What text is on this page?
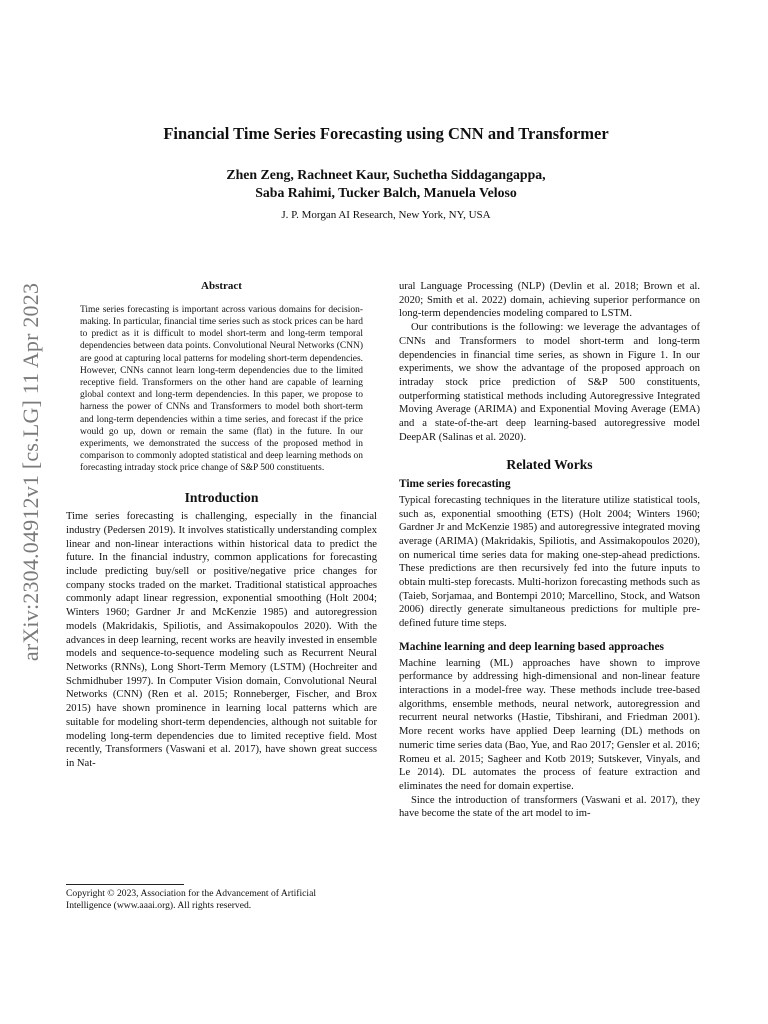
arXiv:2304.04912v1 [cs.LG] 11 Apr 2023
Financial Time Series Forecasting using CNN and Transformer
Zhen Zeng, Rachneet Kaur, Suchetha Siddagangappa,
Saba Rahimi, Tucker Balch, Manuela Veloso
J. P. Morgan AI Research, New York, NY, USA
Abstract

Time series forecasting is important across various domains for decision-making. In particular, financial time series such as stock prices can be hard to predict as it is difficult to model short-term and long-term temporal dependencies between data points. Convolutional Neural Networks (CNN) are good at capturing local patterns for modeling short-term dependencies. However, CNNs cannot learn long-term dependencies due to the limited receptive field. Transformers on the other hand are capable of learning global context and long-term dependencies. In this paper, we propose to harness the power of CNNs and Transformers to model both short-term and long-term dependencies within a time series, and forecast if the price would go up, down or remain the same (flat) in the future. In our experiments, we demonstrated the success of the proposed method in comparison to commonly adopted statistical and deep learning methods on forecasting intraday stock price change of S&P 500 constituents.

Introduction

Time series forecasting is challenging, especially in the financial industry (Pedersen 2019). It involves statistically understanding complex linear and non-linear interactions within historical data to predict the future. In the financial industry, common applications for forecasting include predicting buy/sell or positive/negative price changes for company stocks traded on the market. Traditional statistical approaches commonly adapt linear regression, exponential smoothing (Holt 2004; Winters 1960; Gardner Jr and McKenzie 1985) and autoregression models (Makridakis, Spiliotis, and Assimakopoulos 2020). With the advances in deep learning, recent works are heavily invested in ensemble models and sequence-to-sequence modeling such as Recurrent Neural Networks (RNNs), Long Short-Term Memory (LSTM) (Hochreiter and Schmidhuber 1997). In Computer Vision domain, Convolutional Neural Networks (CNN) (Ren et al. 2015; Ronneberger, Fischer, and Brox 2015) have shown prominence in learning local patterns which are suitable for modeling short-term dependencies, although not suitable for modeling long-term dependencies due to limited receptive field. Most recently, Transformers (Vaswani et al. 2017), have shown great success in Nat-

Copyright © 2023, Association for the Advancement of Artificial

Intelligence (www.aaai.org). All rights reserved.

ural Language Processing (NLP) (Devlin et al. 2018; Brown et al. 2020; Smith et al. 2022) domain, achieving superior performance on long-term dependencies modeling compared to LSTM.

Our contributions is the following: we leverage the advantages of CNNs and Transformers to model short-term and long-term dependencies in financial time series, as shown in Figure 1. In our experiments, we show the advantage of the proposed approach on intraday stock price prediction of S&P 500 constituents, outperforming statistical methods including Autoregressive Integrated Moving Average (ARIMA) and Exponential Moving Average (EMA) and a state-of-the-art deep learning-based autoregressive model DeepAR (Salinas et al. 2020).

Related Works
Time series forecasting

Typical forecasting techniques in the literature utilize statistical tools, such as, exponential smoothing (ETS) (Holt 2004; Winters 1960; Gardner Jr and McKenzie 1985) and autoregressive integrated moving average (ARIMA) (Makridakis, Spiliotis, and Assimakopoulos 2020), on numerical time series data for making one-step-ahead predictions. These predictions are then recursively fed into the future inputs to obtain multi-step forecasts. Multi-horizon forecasting methods such as (Taieb, Sorjamaa, and Bontempi 2010; Marcellino, Stock, and Watson 2006) directly generate simultaneous predictions for multiple pre-defined future time steps.

Machine learning and deep learning based approaches

Machine learning (ML) approaches have shown to improve performance by addressing high-dimensional and non-linear feature interactions in a model-free way. These methods include tree-based algorithms, ensemble methods, neural network, autoregression and recurrent neural networks (Hastie, Tibshirani, and Friedman 2001). More recent works have applied Deep learning (DL) methods on numeric time series data (Bao, Yue, and Rao 2017; Gensler et al. 2016; Romeu et al. 2015; Sagheer and Kotb 2019; Sutskever, Vinyals, and Le 2014). DL automates the process of feature extraction and eliminates the need for domain expertise.

Since the introduction of transformers (Vaswani et al. 2017), they have become the state of the art model to im-
